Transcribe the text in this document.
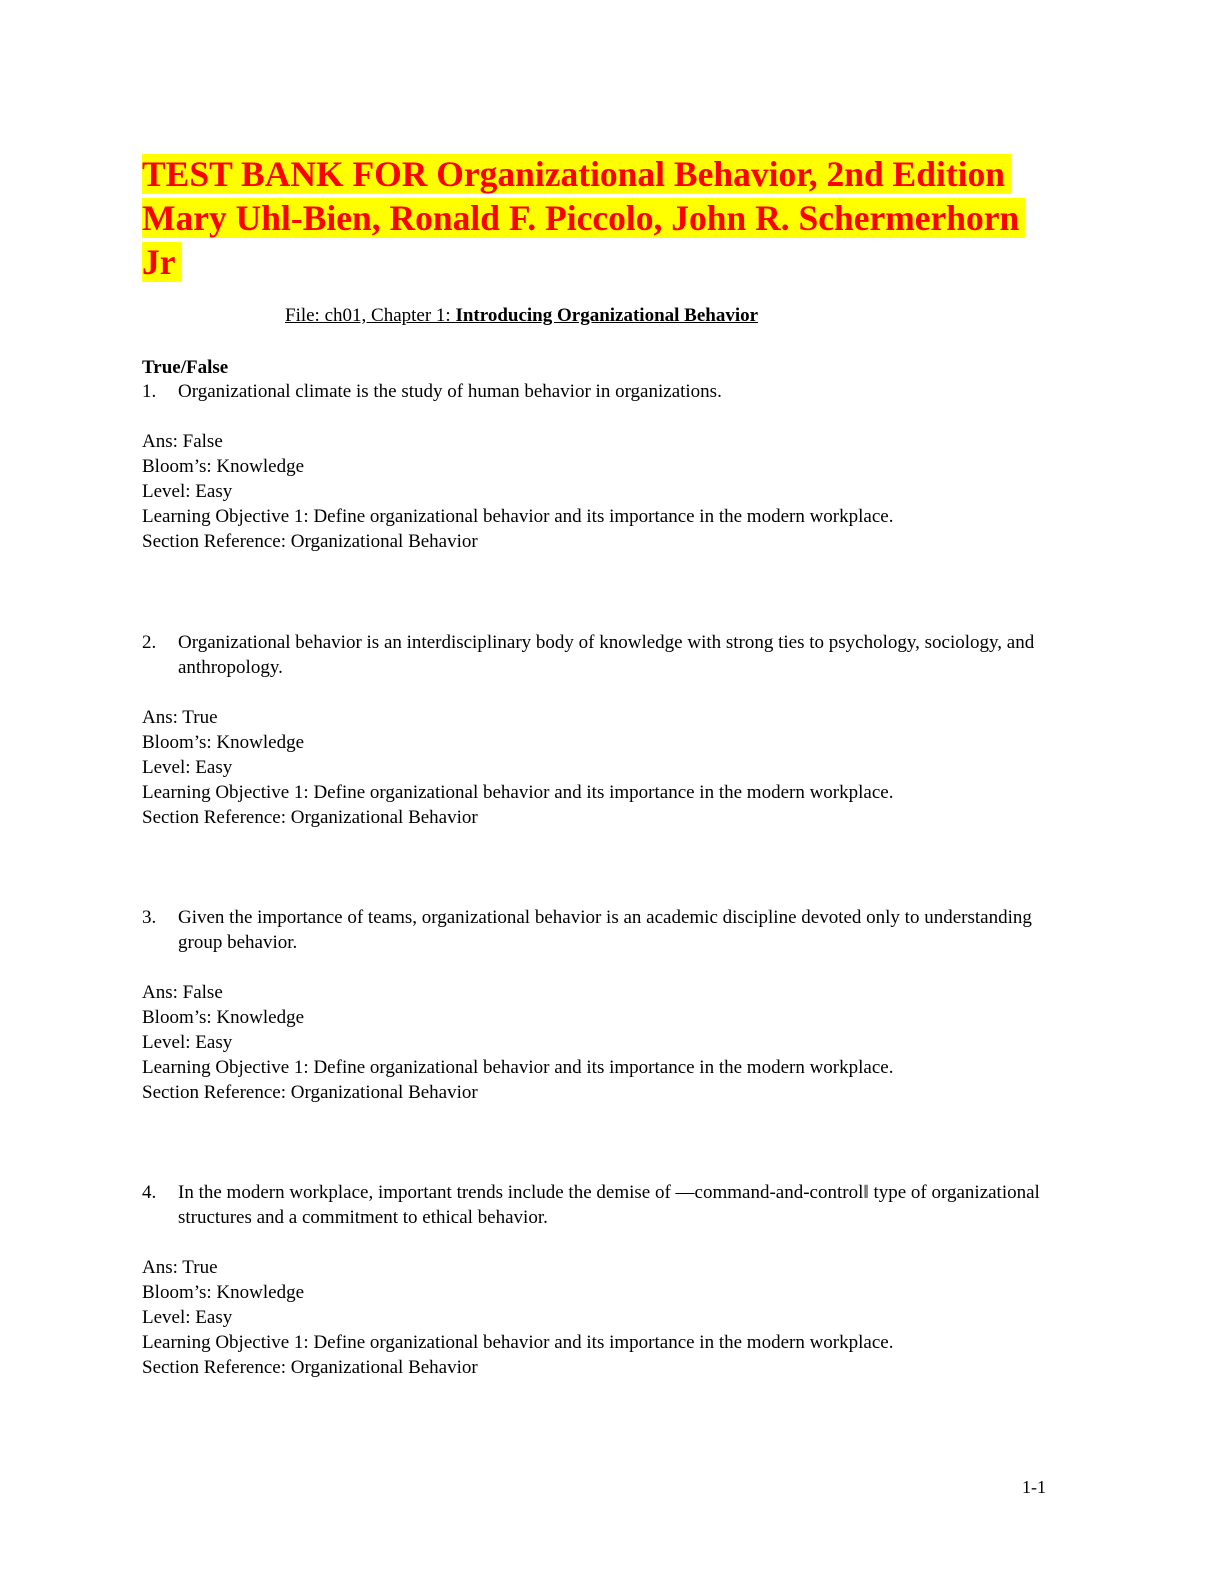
TEST BANK FOR Organizational Behavior, 2nd Edition
Mary Uhl-Bien, Ronald F. Piccolo, John R. Schermerhorn
Jr
File: ch01, Chapter 1: Introducing Organizational Behavior
True/False
1.	Organizational climate is the study of human behavior in organizations.
Ans: False
Bloom’s: Knowledge
Level: Easy
Learning Objective 1: Define organizational behavior and its importance in the modern workplace.
Section Reference: Organizational Behavior
2.	Organizational behavior is an interdisciplinary body of knowledge with strong ties to psychology, sociology, and anthropology.
Ans: True
Bloom’s: Knowledge
Level: Easy
Learning Objective 1: Define organizational behavior and its importance in the modern workplace.
Section Reference: Organizational Behavior
3.	Given the importance of teams, organizational behavior is an academic discipline devoted only to understanding group behavior.
Ans: False
Bloom’s: Knowledge
Level: Easy
Learning Objective 1: Define organizational behavior and its importance in the modern workplace.
Section Reference: Organizational Behavior
4.	In the modern workplace, important trends include the demise of ―command-and-control‖ type of organizational structures and a commitment to ethical behavior.
Ans: True
Bloom’s: Knowledge
Level: Easy
Learning Objective 1: Define organizational behavior and its importance in the modern workplace.
Section Reference: Organizational Behavior
1-1
